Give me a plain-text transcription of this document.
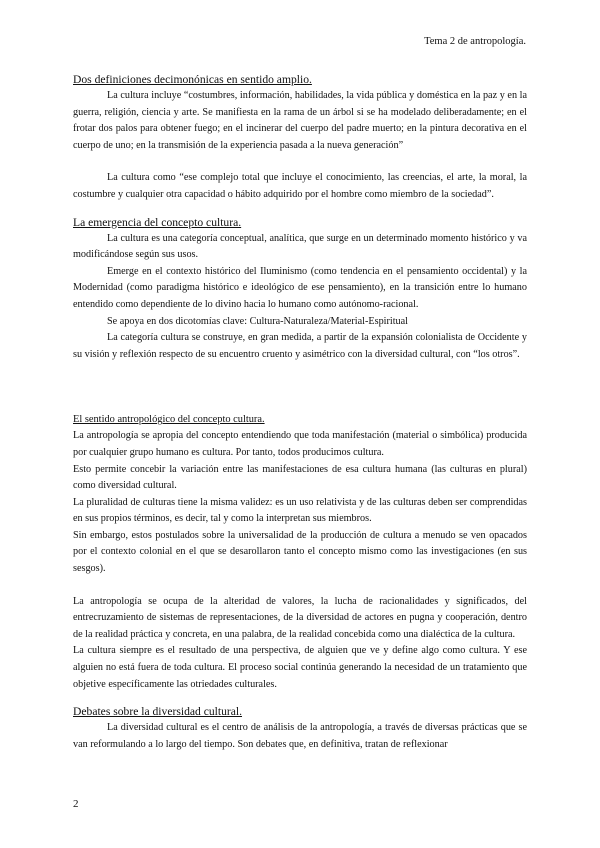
Tema 2 de antropología.
Dos definiciones decimonónicas en sentido amplio.

La cultura incluye “costumbres, información, habilidades, la vida pública y doméstica en la paz y en la guerra, religión, ciencia y arte. Se manifiesta en la rama de un árbol si se ha modelado deliberadamente; en el frotar dos palos para obtener fuego; en el incinerar del cuerpo del padre muerto; en la pintura decorativa en el cuerpo de uno; en la transmisión de la experiencia pasada a la nueva generación”

La cultura como “ese complejo total que incluye el conocimiento, las creencias, el arte, la moral, la costumbre y cualquier otra capacidad o hábito adquirido por el hombre como miembro de la sociedad”.

La emergencia del concepto cultura.

La cultura es una categoría conceptual, analítica, que surge en un determinado momento histórico y va modificándose según sus usos.

Emerge en el contexto histórico del Iluminismo (como tendencia en el pensamiento occidental) y la Modernidad (como paradigma histórico e ideológico de ese pensamiento), en la transición entre lo humano entendido como dependiente de lo divino hacia lo humano como autónomo-racional.

Se apoya en dos dicotomías clave: Cultura-Naturaleza/Material-Espiritual

La categoría cultura se construye, en gran medida, a partir de la expansión colonialista de Occidente y su visión y reflexión respecto de su encuentro cruento y asimétrico con la diversidad cultural, con “los otros”.

El sentido antropológico del concepto cultura.

La antropología se apropia del concepto entendiendo que toda manifestación (material o simbólica) producida por cualquier grupo humano es cultura. Por tanto, todos producimos cultura.

Esto permite concebir la variación entre las manifestaciones de esa cultura humana (las culturas en plural) como diversidad cultural.

La pluralidad de culturas tiene la misma validez: es un uso relativista y de las culturas deben ser comprendidas en sus propios términos, es decir, tal y como la interpretan sus miembros.

Sin embargo, estos postulados sobre la universalidad de la producción de cultura a menudo se ven opacados por el contexto colonial en el que se desarollaron tanto el concepto mismo como las investigaciones (en sus sesgos).

La antropología se ocupa de la alteridad de valores, la lucha de racionalidades y significados, del entrecruzamiento de sistemas de representaciones, de la diversidad de actores en pugna y cooperación, dentro de la realidad práctica y concreta, en una palabra, de la realidad concebida como una dialéctica de la cultura.

La cultura siempre es el resultado de una perspectiva, de alguien que ve y define algo como cultura. Y ese alguien no está fuera de toda cultura. El proceso social continúa generando la necesidad de un tratamiento que objetive específicamente las otriedades culturales.

Debates sobre la diversidad cultural.

La diversidad cultural es el centro de análisis de la antropología, a través de diversas prácticas que se van reformulando a lo largo del tiempo. Son debates que, en definitiva, tratan de reflexionar

2
